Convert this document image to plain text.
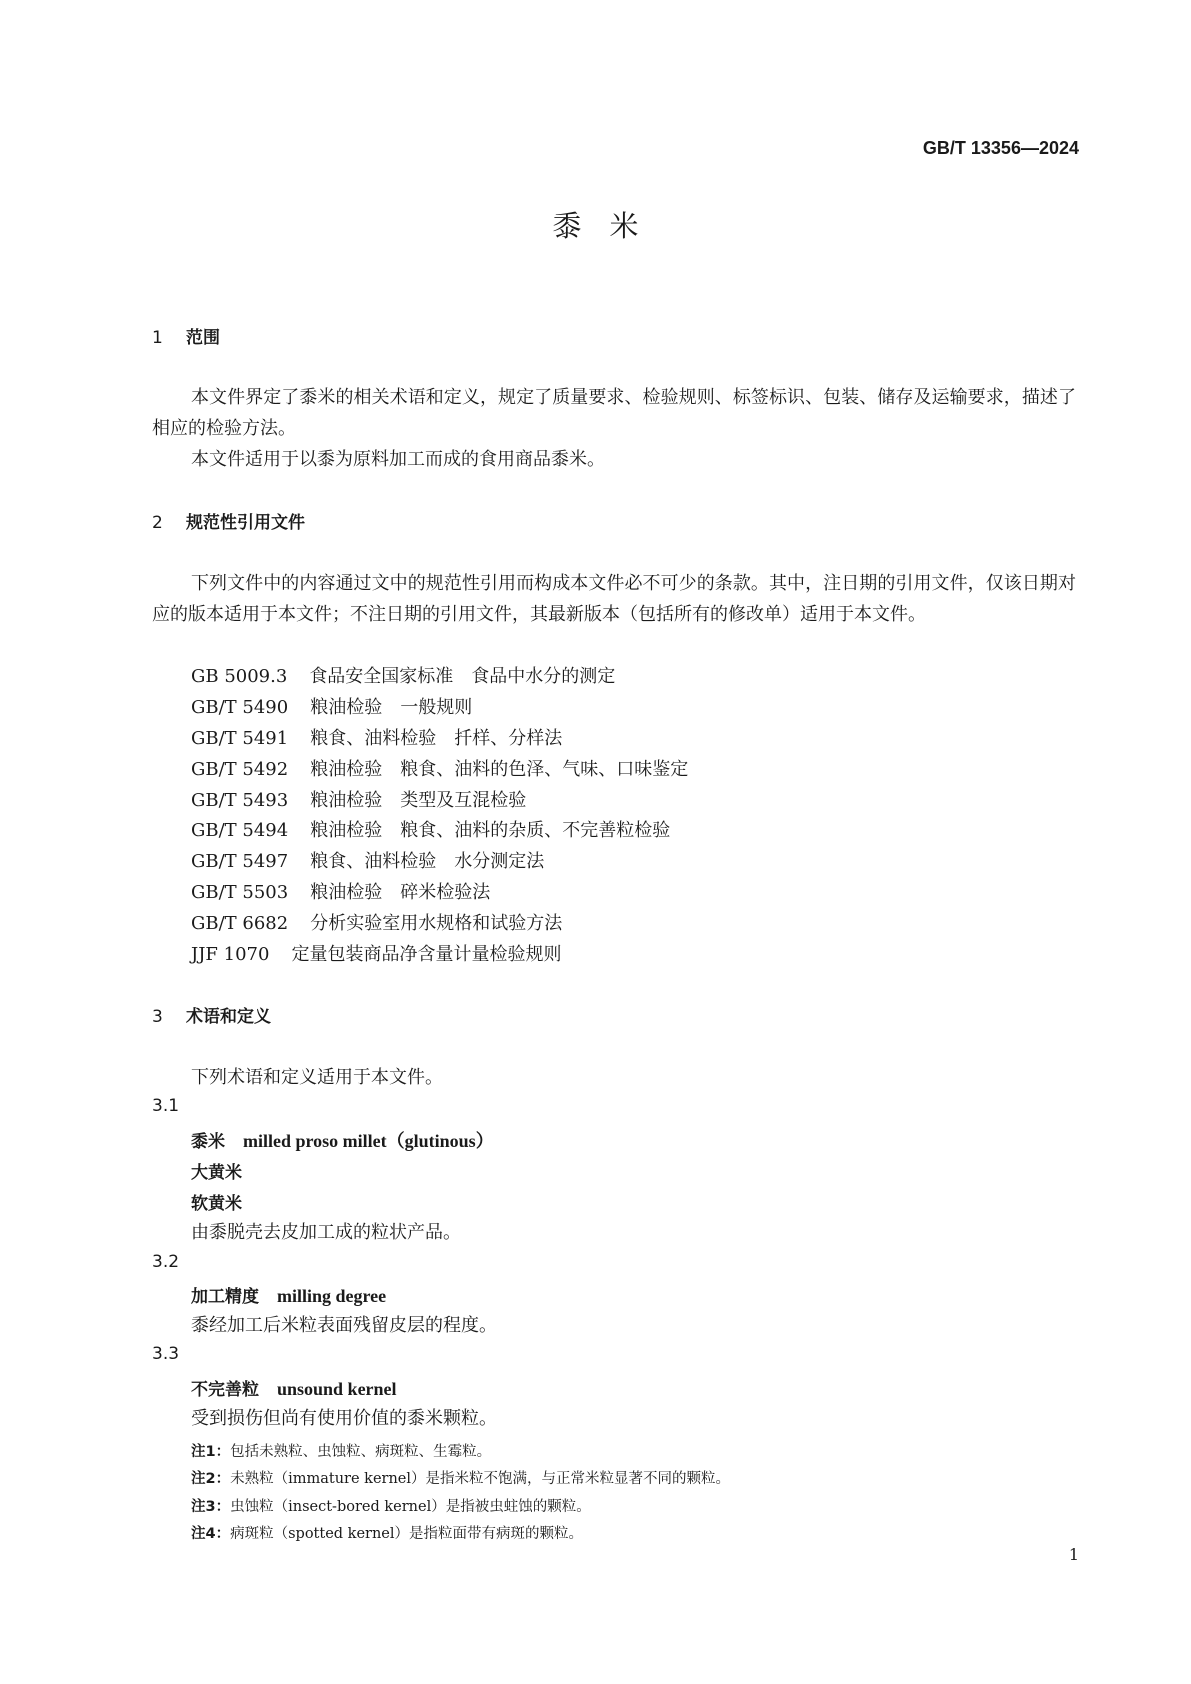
GB/T 13356—2024
黍米
1 范围
本文件界定了黍米的相关术语和定义，规定了质量要求、检验规则、标签标识、包装、储存及运输要求，描述了相应的检验方法。
本文件适用于以黍为原料加工而成的食用商品黍米。
2 规范性引用文件
下列文件中的内容通过文中的规范性引用而构成本文件必不可少的条款。其中，注日期的引用文件，仅该日期对应的版本适用于本文件；不注日期的引用文件，其最新版本（包括所有的修改单）适用于本文件。
GB 5009.3 食品安全国家标准　食品中水分的测定
GB/T 5490 粮油检验　一般规则
GB/T 5491 粮食、油料检验　扦样、分样法
GB/T 5492 粮油检验　粮食、油料的色泽、气味、口味鉴定
GB/T 5493 粮油检验　类型及互混检验
GB/T 5494 粮油检验　粮食、油料的杂质、不完善粒检验
GB/T 5497 粮食、油料检验　水分测定法
GB/T 5503 粮油检验　碎米检验法
GB/T 6682 分析实验室用水规格和试验方法
JJF 1070 定量包装商品净含量计量检验规则
3 术语和定义
下列术语和定义适用于本文件。
3.1
黍米 milled proso millet（glutinous）
大黄米
软黄米
由黍脱壳去皮加工成的粒状产品。
3.2
加工精度 milling degree
黍经加工后米粒表面残留皮层的程度。
3.3
不完善粒 unsound kernel
受到损伤但尚有使用价值的黍米颗粒。
注1：包括未熟粒、虫蚀粒、病斑粒、生霉粒。
注2：未熟粒（immature kernel）是指米粒不饱满，与正常米粒显著不同的颗粒。
注3：虫蚀粒（insect-bored kernel）是指被虫蛀蚀的颗粒。
注4：病斑粒（spotted kernel）是指粒面带有病斑的颗粒。
1
